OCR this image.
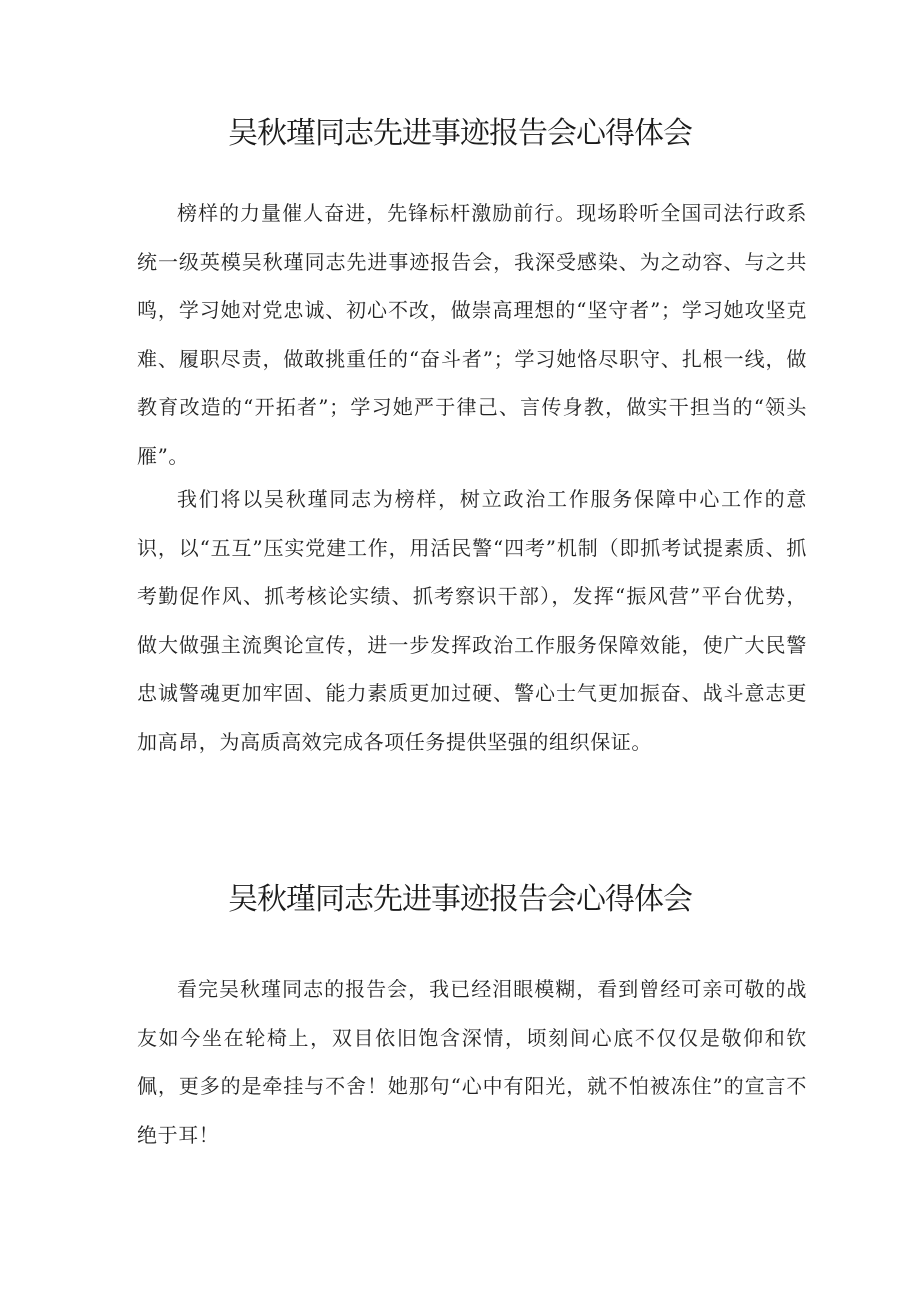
吴秋瑾同志先进事迹报告会心得体会

榜样的力量催人奋进，先锋标杆激励前行。现场聆听全国司法行政系统一级英模吴秋瑾同志先进事迹报告会，我深受感染、为之动容、与之共鸣，学习她对党忠诚、初心不改，做崇高理想的“坚守者”；学习她攻坚克难、履职尽责，做敢挑重任的“奋斗者”；学习她恪尽职守、扎根一线，做教育改造的“开拓者”；学习她严于律己、言传身教，做实干担当的“领头雁”。

我们将以吴秋瑾同志为榜样，树立政治工作服务保障中心工作的意识，以“五互”压实党建工作，用活民警“四考”机制（即抓考试提素质、抓考勤促作风、抓考核论实绩、抓考察识干部），发挥“振风营”平台优势，做大做强主流舆论宣传，进一步发挥政治工作服务保障效能，使广大民警忠诚警魂更加牢固、能力素质更加过硬、警心士气更加振奋、战斗意志更加高昂，为高质高效完成各项任务提供坚强的组织保证。

吴秋瑾同志先进事迹报告会心得体会

看完吴秋瑾同志的报告会，我已经泪眼模糊，看到曾经可亲可敬的战友如今坐在轮椅上，双目依旧饱含深情，顷刻间心底不仅仅是敬仰和钦佩，更多的是牵挂与不舍！她那句“心中有阳光，就不怕被冻住”的宣言不绝于耳！
